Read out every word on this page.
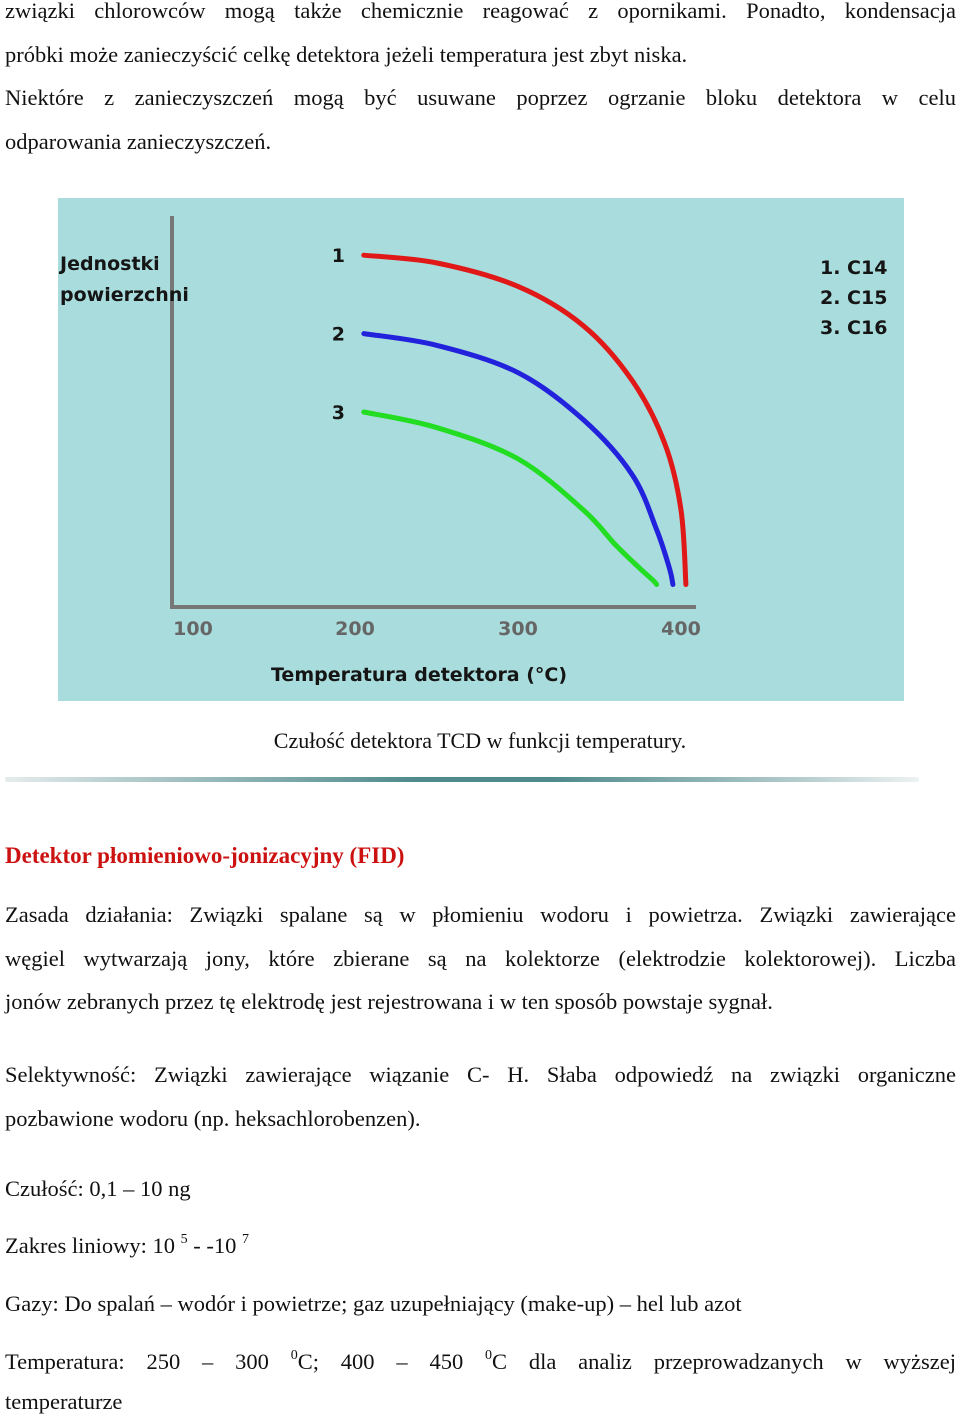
związki chlorowców mogą także chemicznie reagować z opornikami. Ponadto, kondensacja
próbki może zanieczyścić celkę detektora jeżeli temperatura jest zbyt niska.
Niektóre z zanieczyszczeń mogą być usuwane poprzez ogrzanie bloku detektora w celu
odparowania zanieczyszczeń.
Jednostki
powierzchni
Temperatura detektora (°C)
100	200	300	400
1. C14
2. C15
3. C16
1
2
3
Czułość detektora TCD w funkcji temperatury.
Detektor płomieniowo-jonizacyjny (FID)
Zasada działania: Związki spalane są w płomieniu wodoru i powietrza. Związki zawierające
węgiel wytwarzają jony, które zbierane są na kolektorze (elektrodzie kolektorowej). Liczba
jonów zebranych przez tę elektrodę jest rejestrowana i w ten sposób powstaje sygnał.
Selektywność: Związki zawierające wiązanie C- H. Słaba odpowiedź na związki organiczne
pozbawione wodoru (np. heksachlorobenzen).

Czułość: 0,1 – 10 ng

Zakres liniowy: 10 $^5$ - -10 $^7$

Gazy: Do spalań – wodór i powietrze; gaz uzupełniający (make-up) – hel lub azot

Temperatura: 250 – 300 $^0$C; 400 – 450 $^0$C dla analiz przeprowadzanych w wyższej
temperaturze
